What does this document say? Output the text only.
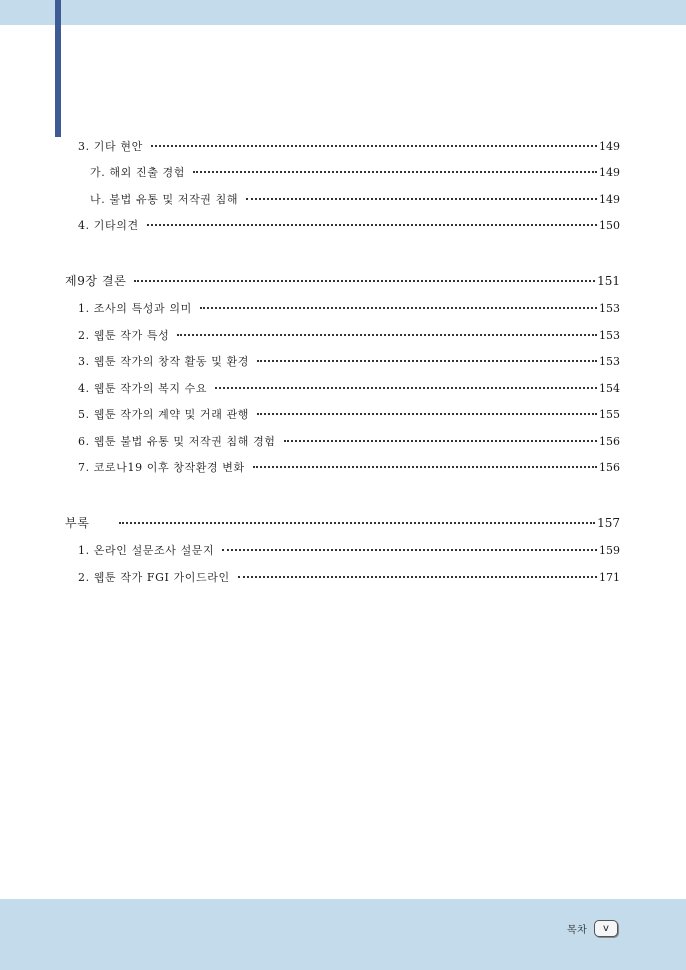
3. 기타 현안	149
가. 해외 진출 경험	149
나. 불법 유통 및 저작권 침해	149
4. 기타의견	150
제9장 결론	151
1. 조사의 특성과 의미	153
2. 웹툰 작가 특성	153
3. 웹툰 작가의 창작 활동 및 환경	153
4. 웹툰 작가의 복지 수요	154
5. 웹툰 작가의 계약 및 거래 관행	155
6. 웹툰 불법 유통 및 저작권 침해 경험	156
7. 코로나19 이후 창작환경 변화	156
부록	157
1. 온라인 설문조사 설문지	159
2. 웹툰 작가 FGI 가이드라인	171
목차	v
